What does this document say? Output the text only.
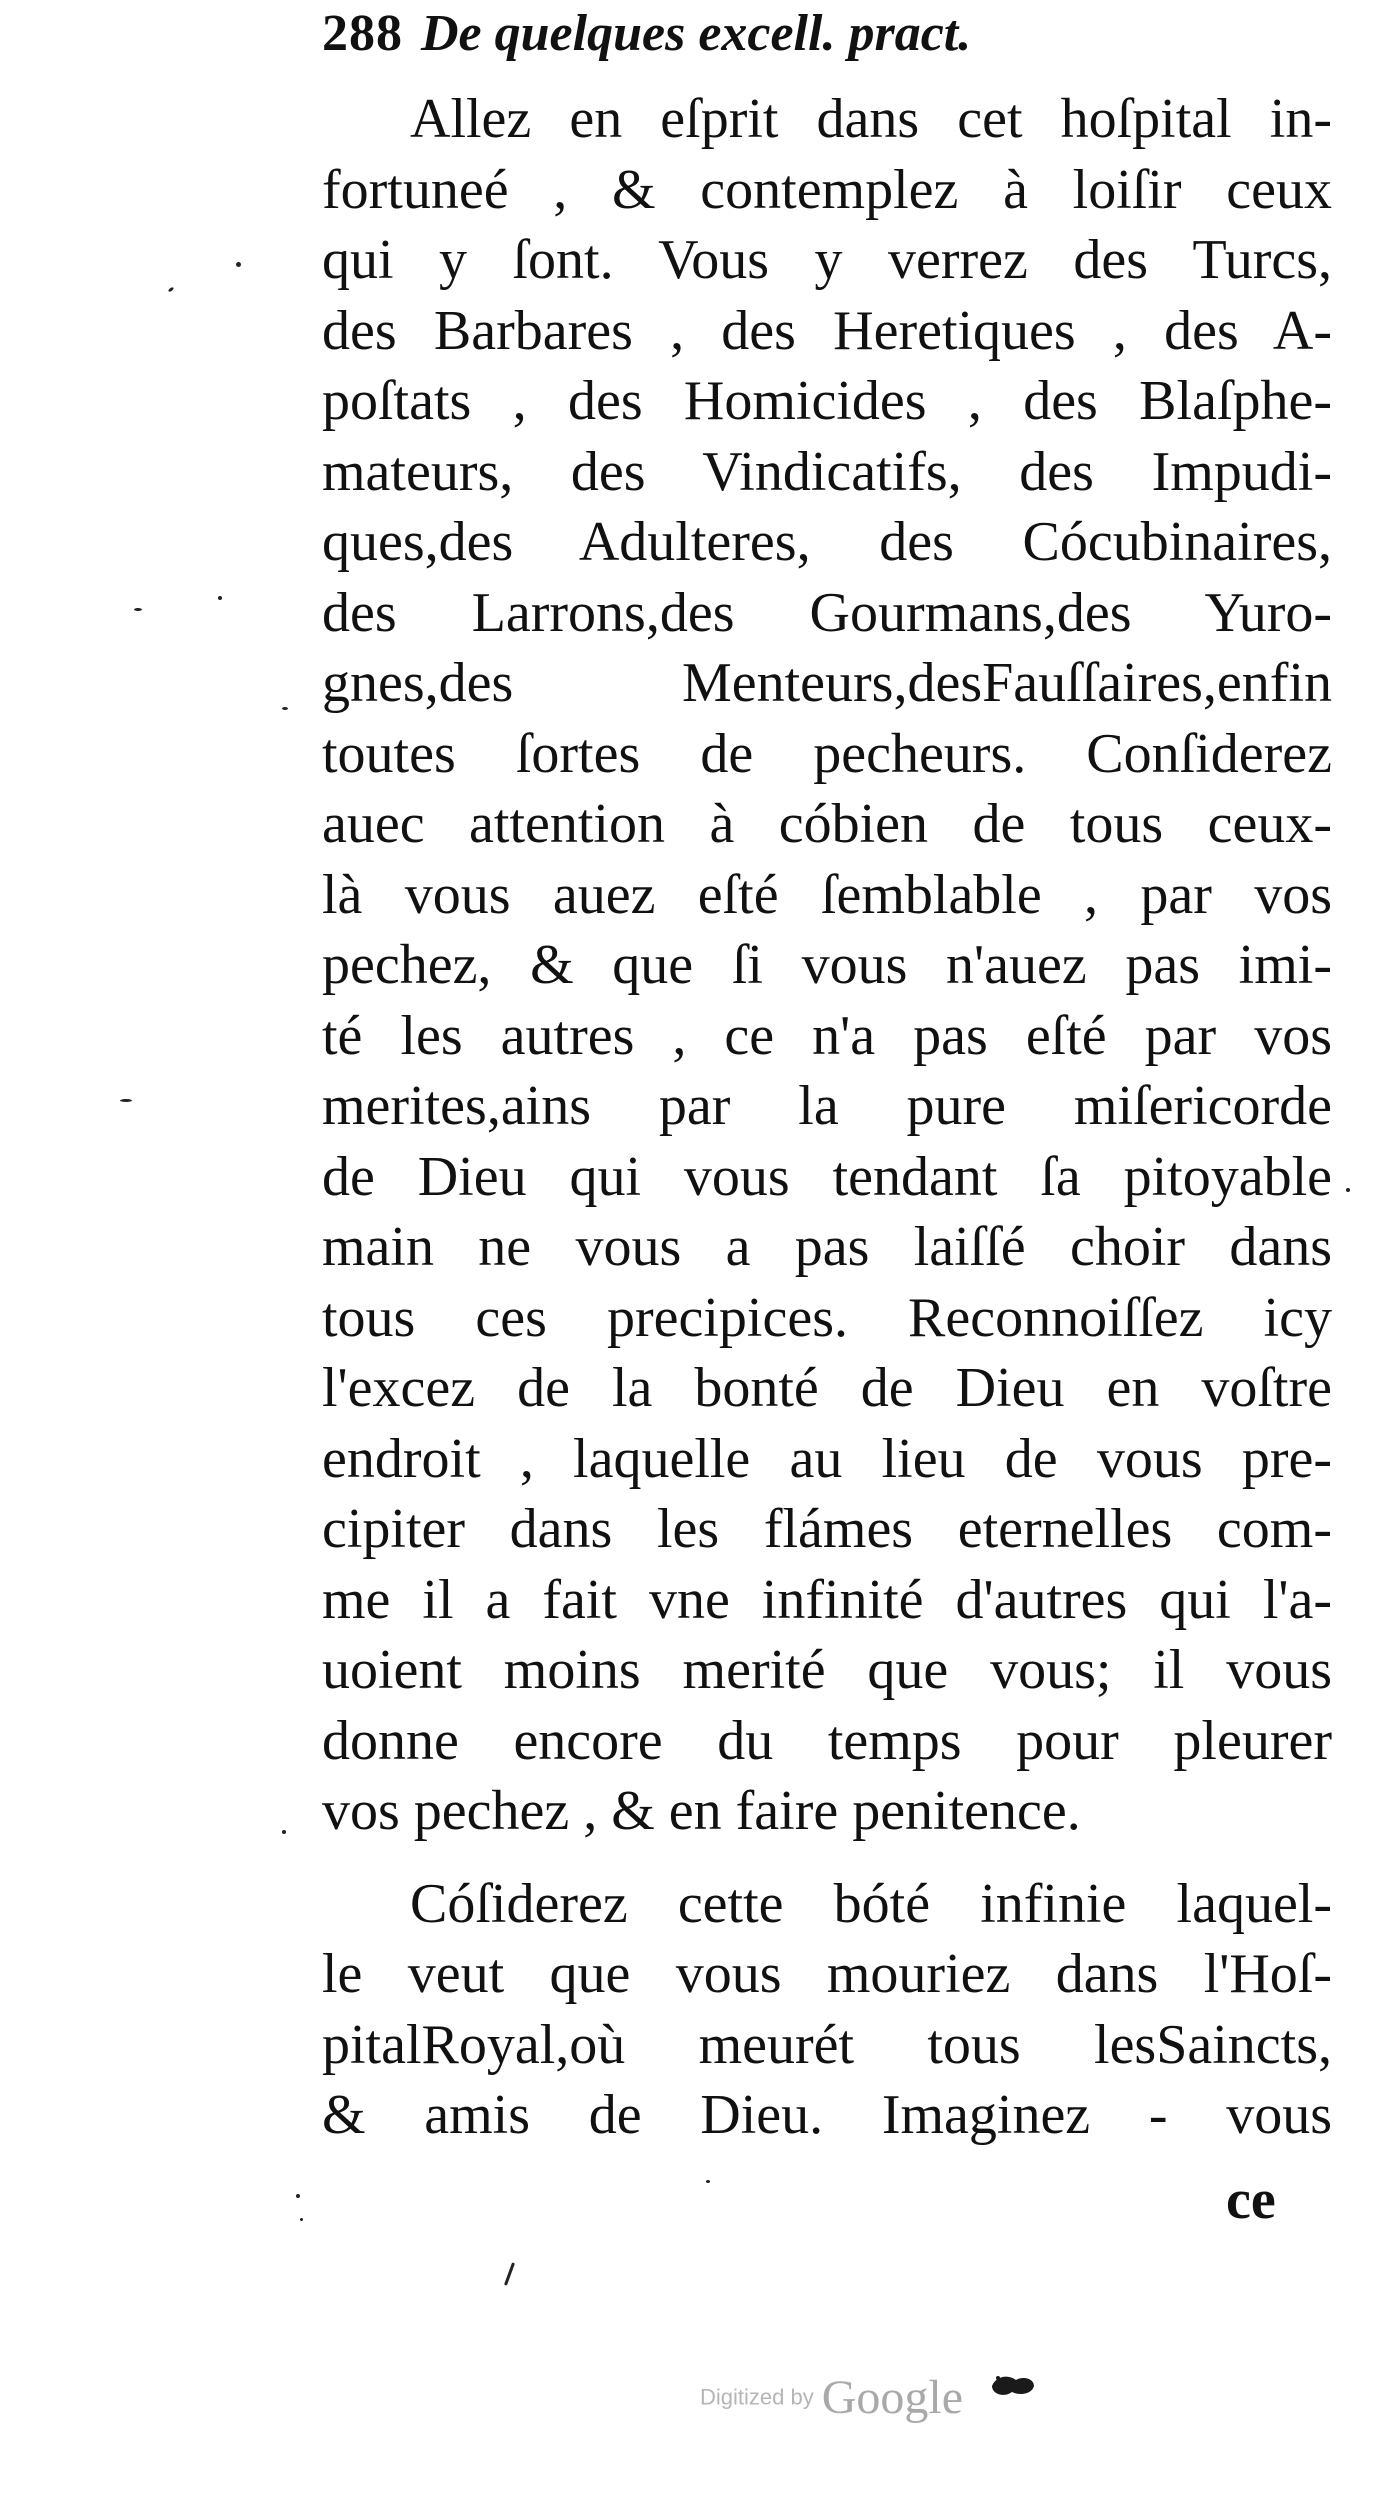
288 De quelques excell. pract.
Allez en eſprit dans cet hoſpital in-
fortuneé , & contemplez à loiſir ceux
qui y ſont. Vous y verrez des Turcs,
des Barbares , des Heretiques , des A-
poſtats , des Homicides , des Blaſphe-
mateurs, des Vindicatifs, des Impudi-
ques,des Adulteres, des Cócubinaires,
des Larrons,des Gourmans,des Yuro-
gnes,des Menteurs,desFauſſaires,enfin
toutes ſortes de pecheurs. Conſiderez
auec attention à cóbien de tous ceux-
là vous auez eſté ſemblable , par vos
pechez, & que ſi vous n'auez pas imi-
té les autres , ce n'a pas eſté par vos
merites,ains par la pure miſericorde
de Dieu qui vous tendant ſa pitoyable
main ne vous a pas laiſſé choir dans
tous ces precipices. Reconnoiſſez icy
l'excez de la bonté de Dieu en voſtre
endroit , laquelle au lieu de vous pre-
cipiter dans les flámes eternelles com-
me il a fait vne infinité d'autres qui l'a-
uoient moins merité que vous; il vous
donne encore du temps pour pleurer
vos pechez , & en faire penitence.
Cóſiderez cette bóté infinie laquel-
le veut que vous mouriez dans l'Hoſ-
pitalRoyal,où meurét tous lesSaincts,
& amis de Dieu. Imaginez - vous
ce
Digitized by Google
